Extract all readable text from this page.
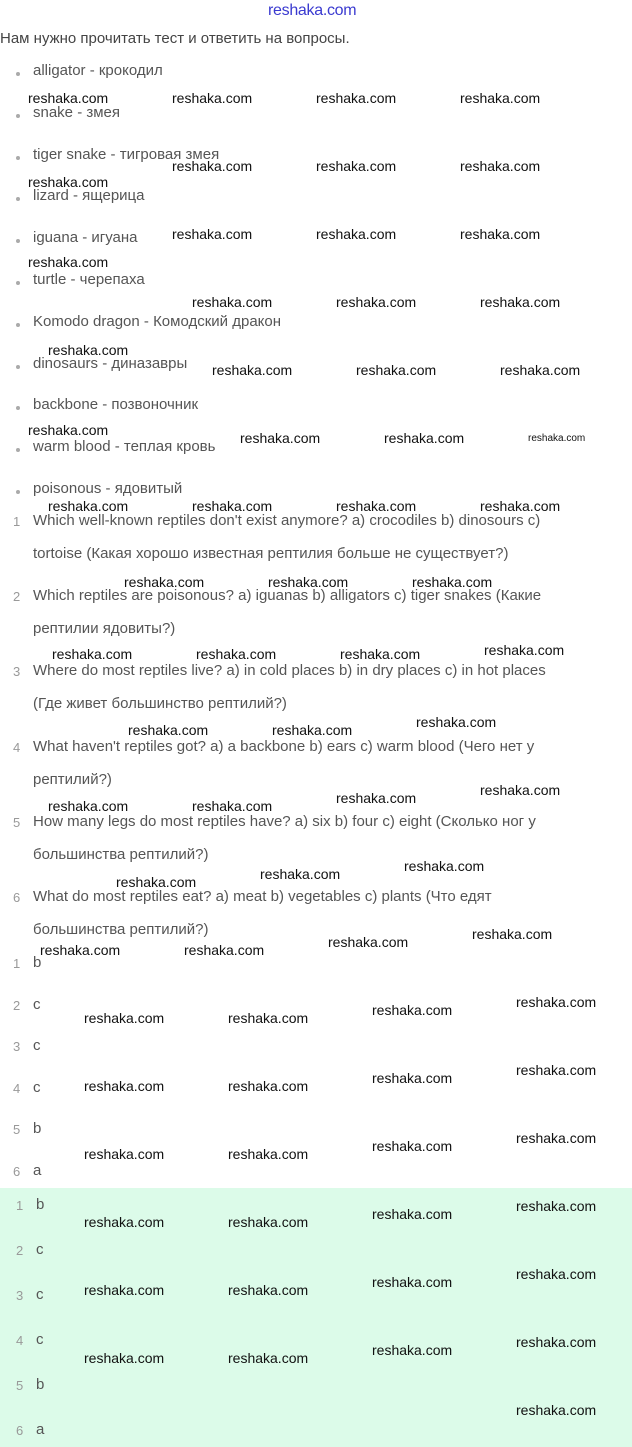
reshaka.com
Нам нужно прочитать тест и ответить на вопросы.
alligator - крокодил
snake - змея
tiger snake - тигровая змея
lizard - ящерица
iguana - игуана
turtle - черепаха
Komodo dragon - Комодский дракон
dinosaurs - диназавры
backbone - позвоночник
warm blood - теплая кровь
poisonous - ядовитый
1 Which well-known reptiles don't exist anymore? a) crocodiles b) dinosours c)
tortoise (Какая хорошо известная рептилия больше не существует?)
2 Which reptiles are poisonous? a) iguanas b) alligators c) tiger snakes (Какие
рептилии ядовиты?)
3 Where do most reptiles live? a) in cold places b) in dry places c) in hot places
(Где живет большинство рептилий?)
4 What haven't reptiles got? a) a backbone b) ears c) warm blood (Чего нет у
рептилий?)
5 How many legs do most reptiles have? a) six b) four c) eight (Сколько ног у
большинства рептилий?)
6 What do most reptiles eat? a) meat b) vegetables c) plants (Что едят
большинства рептилий?)
1 b
2 c
3 c
4 c
5 b
6 a
1 b
2 c
3 c
4 c
5 b
6 a
reshaka.com	reshaka.com	reshaka.com	reshaka.com
reshaka.com	reshaka.com	reshaka.com
reshaka.com
reshaka.com	reshaka.com	reshaka.com
reshaka.com
reshaka.com	reshaka.com	reshaka.com
reshaka.com
reshaka.com	reshaka.com	reshaka.com
reshaka.com	reshaka.com	reshaka.com
reshaka.com	reshaka.com	reshaka.com	reshaka.com
reshaka.com	reshaka.com	reshaka.com
reshaka.com	reshaka.com	reshaka.com	reshaka.com
reshaka.com	reshaka.com	reshaka.com
reshaka.com	reshaka.com	reshaka.com	reshaka.com
reshaka.com	reshaka.com	reshaka.com
reshaka.com	reshaka.com	reshaka.com	reshaka.com
reshaka.com	reshaka.com	reshaka.com	reshaka.com
reshaka.com	reshaka.com	reshaka.com	reshaka.com
reshaka.com	reshaka.com	reshaka.com	reshaka.com
reshaka.com	reshaka.com	reshaka.com	reshaka.com
reshaka.com	reshaka.com	reshaka.com	reshaka.com
reshaka.com	reshaka.com	reshaka.com	reshaka.com
reshaka.com
reshaka.com
